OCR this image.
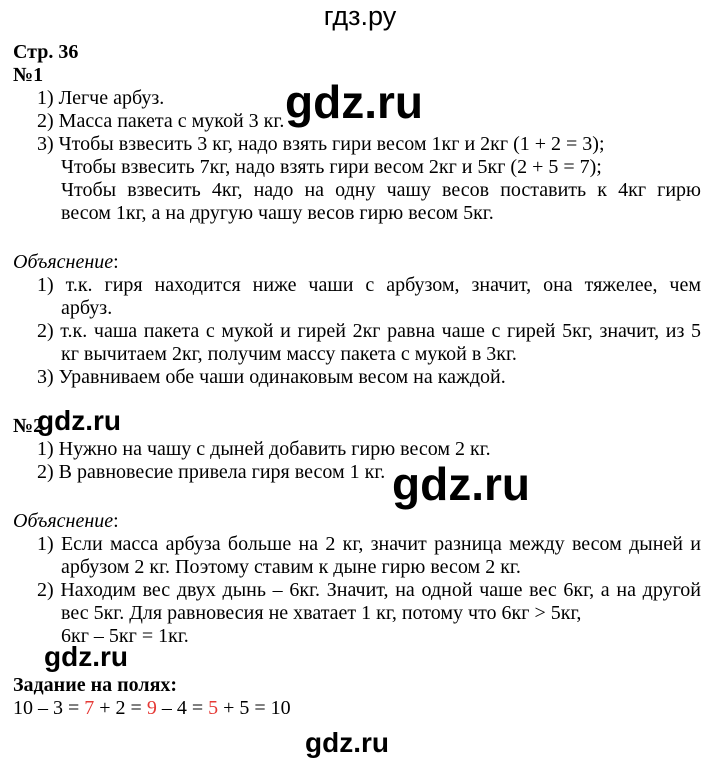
гдз.ру
Стр. 36
№1
1) Легче арбуз.
2) Масса пакета с мукой 3 кг.
3) Чтобы взвесить 3 кг, надо взять гири весом 1кг и 2кг (1 + 2 = 3);
Чтобы взвесить 7кг, надо взять гири весом 2кг и 5кг (2 + 5 = 7);
Чтобы взвесить 4кг, надо на одну чашу весов поставить к 4кг гирю
весом 1кг, а на другую чашу весов гирю весом 5кг.
Объяснение:
1) т.к. гиря находится ниже чаши с арбузом, значит, она тяжелее, чем
арбуз.
2) т.к. чаша пакета с мукой и гирей 2кг равна чаше с гирей 5кг, значит, из 5
кг вычитаем 2кг, получим массу пакета с мукой в 3кг.
3) Уравниваем обе чаши одинаковым весом на каждой.
№2
1) Нужно на чашу с дыней добавить гирю весом 2 кг.
2) В равновесие привела гиря весом 1 кг.
Объяснение:
1) Если масса арбуза больше на 2 кг, значит разница между весом дыней и
арбузом 2 кг. Поэтому ставим к дыне гирю весом 2 кг.
2) Находим вес двух дынь – 6кг. Значит, на одной чаше вес 6кг, а на другой
вес 5кг. Для равновесия не хватает 1 кг, потому что 6кг > 5кг,
6кг – 5кг = 1кг.
Задание на полях:
10 – 3 = 7 + 2 = 9 – 4 = 5 + 5 = 10
gdz.ru
gdz.ru
gdz.ru
gdz.ru
gdz.ru
